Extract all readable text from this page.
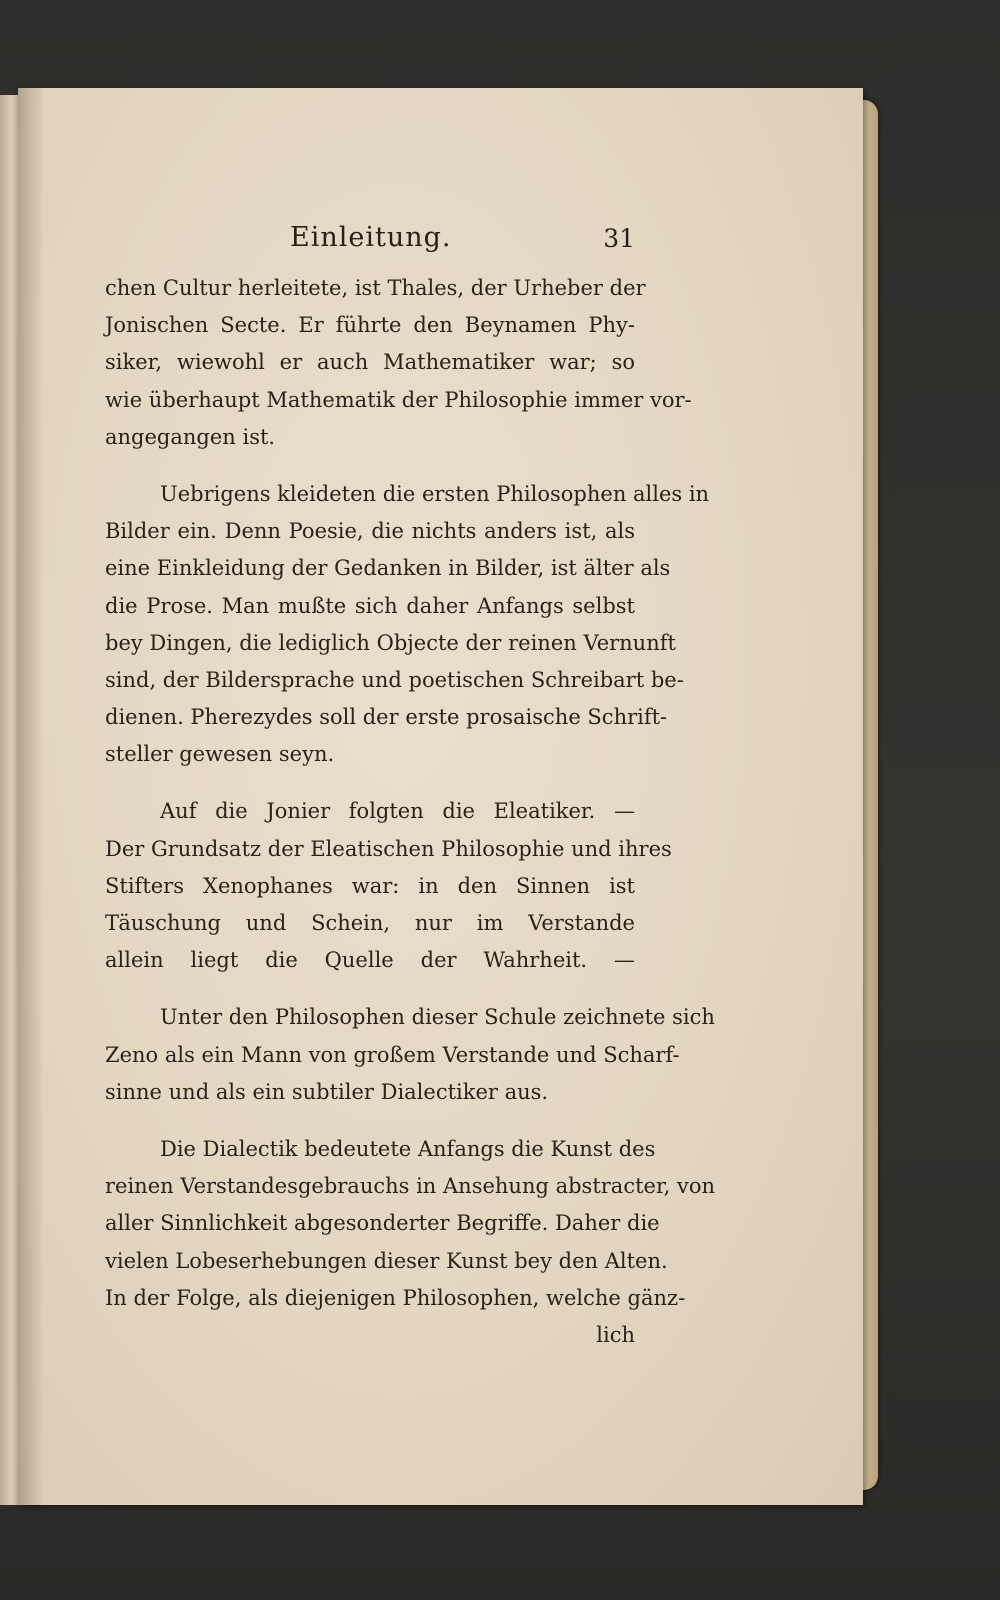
Einleitung.	31
chen Cultur herleitete, ist Thales, der Urheber der
Jonischen Secte. Er führte den Beynamen Phy-
siker, wiewohl er auch Mathematiker war; so
wie überhaupt Mathematik der Philosophie immer vor-
angegangen ist.
Uebrigens kleideten die ersten Philosophen alles in
Bilder ein. Denn Poesie, die nichts anders ist, als
eine Einkleidung der Gedanken in Bilder, ist älter als
die Prose. Man mußte sich daher Anfangs selbst
bey Dingen, die lediglich Objecte der reinen Vernunft
sind, der Bildersprache und poetischen Schreibart be-
dienen. Pherezydes soll der erste prosaische Schrift-
steller gewesen seyn.
Auf die Jonier folgten die Eleatiker. —
Der Grundsatz der Eleatischen Philosophie und ihres
Stifters Xenophanes war: in den Sinnen ist
Täuschung und Schein, nur im Verstande
allein liegt die Quelle der Wahrheit. —
Unter den Philosophen dieser Schule zeichnete sich
Zeno als ein Mann von großem Verstande und Scharf-
sinne und als ein subtiler Dialectiker aus.
Die Dialectik bedeutete Anfangs die Kunst des
reinen Verstandesgebrauchs in Ansehung abstracter, von
aller Sinnlichkeit abgesonderter Begriffe. Daher die
vielen Lobeserhebungen dieser Kunst bey den Alten.
In der Folge, als diejenigen Philosophen, welche gänz-
lich
